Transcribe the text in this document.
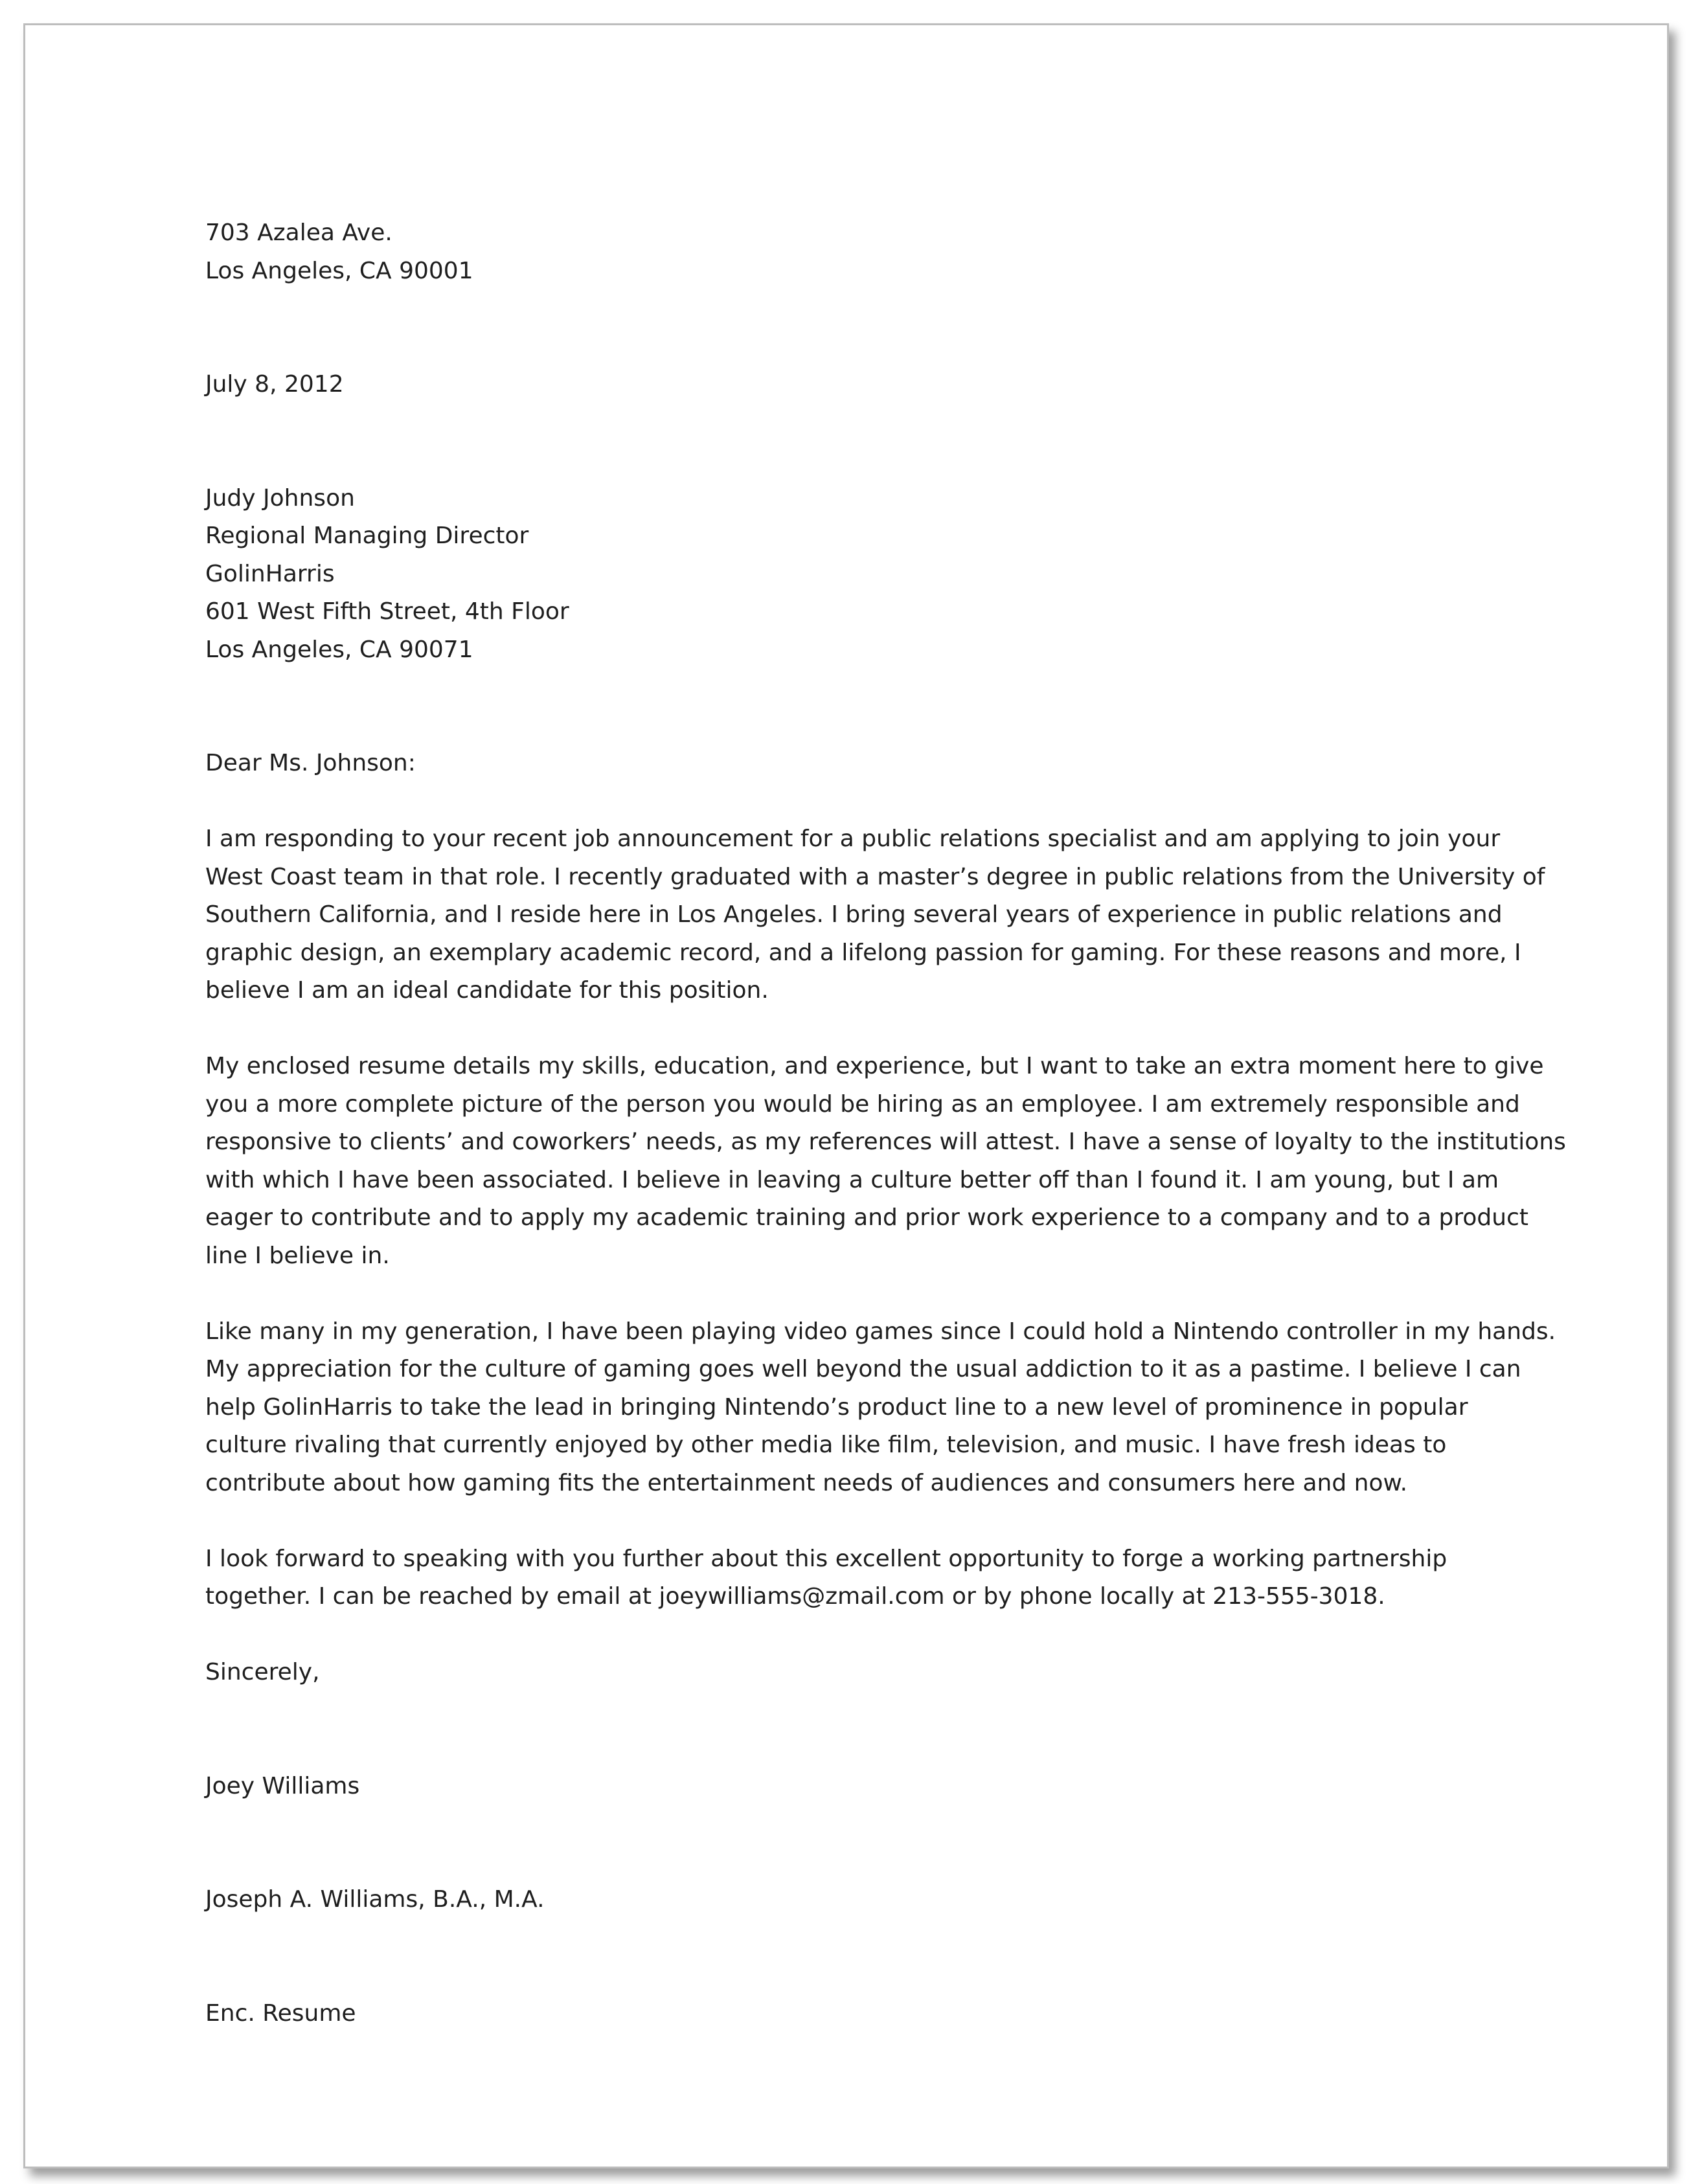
703 Azalea Ave.
Los Angeles, CA 90001
July 8, 2012
Judy Johnson
Regional Managing Director
GolinHarris
601 West Fifth Street, 4th Floor
Los Angeles, CA 90071
Dear Ms. Johnson:
I am responding to your recent job announcement for a public relations specialist and am applying to join your
West Coast team in that role. I recently graduated with a master’s degree in public relations from the University of
Southern California, and I reside here in Los Angeles. I bring several years of experience in public relations and
graphic design, an exemplary academic record, and a lifelong passion for gaming. For these reasons and more, I
believe I am an ideal candidate for this position.
My enclosed resume details my skills, education, and experience, but I want to take an extra moment here to give
you a more complete picture of the person you would be hiring as an employee. I am extremely responsible and
responsive to clients’ and coworkers’ needs, as my references will attest. I have a sense of loyalty to the institutions
with which I have been associated. I believe in leaving a culture better off than I found it. I am young, but I am
eager to contribute and to apply my academic training and prior work experience to a company and to a product
line I believe in.
Like many in my generation, I have been playing video games since I could hold a Nintendo controller in my hands.
My appreciation for the culture of gaming goes well beyond the usual addiction to it as a pastime. I believe I can
help GolinHarris to take the lead in bringing Nintendo’s product line to a new level of prominence in popular
culture rivaling that currently enjoyed by other media like film, television, and music. I have fresh ideas to
contribute about how gaming fits the entertainment needs of audiences and consumers here and now.
I look forward to speaking with you further about this excellent opportunity to forge a working partnership
together. I can be reached by email at joeywilliams@zmail.com or by phone locally at 213-555-3018.
Sincerely,
Joey Williams
Joseph A. Williams, B.A., M.A.
Enc. Resume
